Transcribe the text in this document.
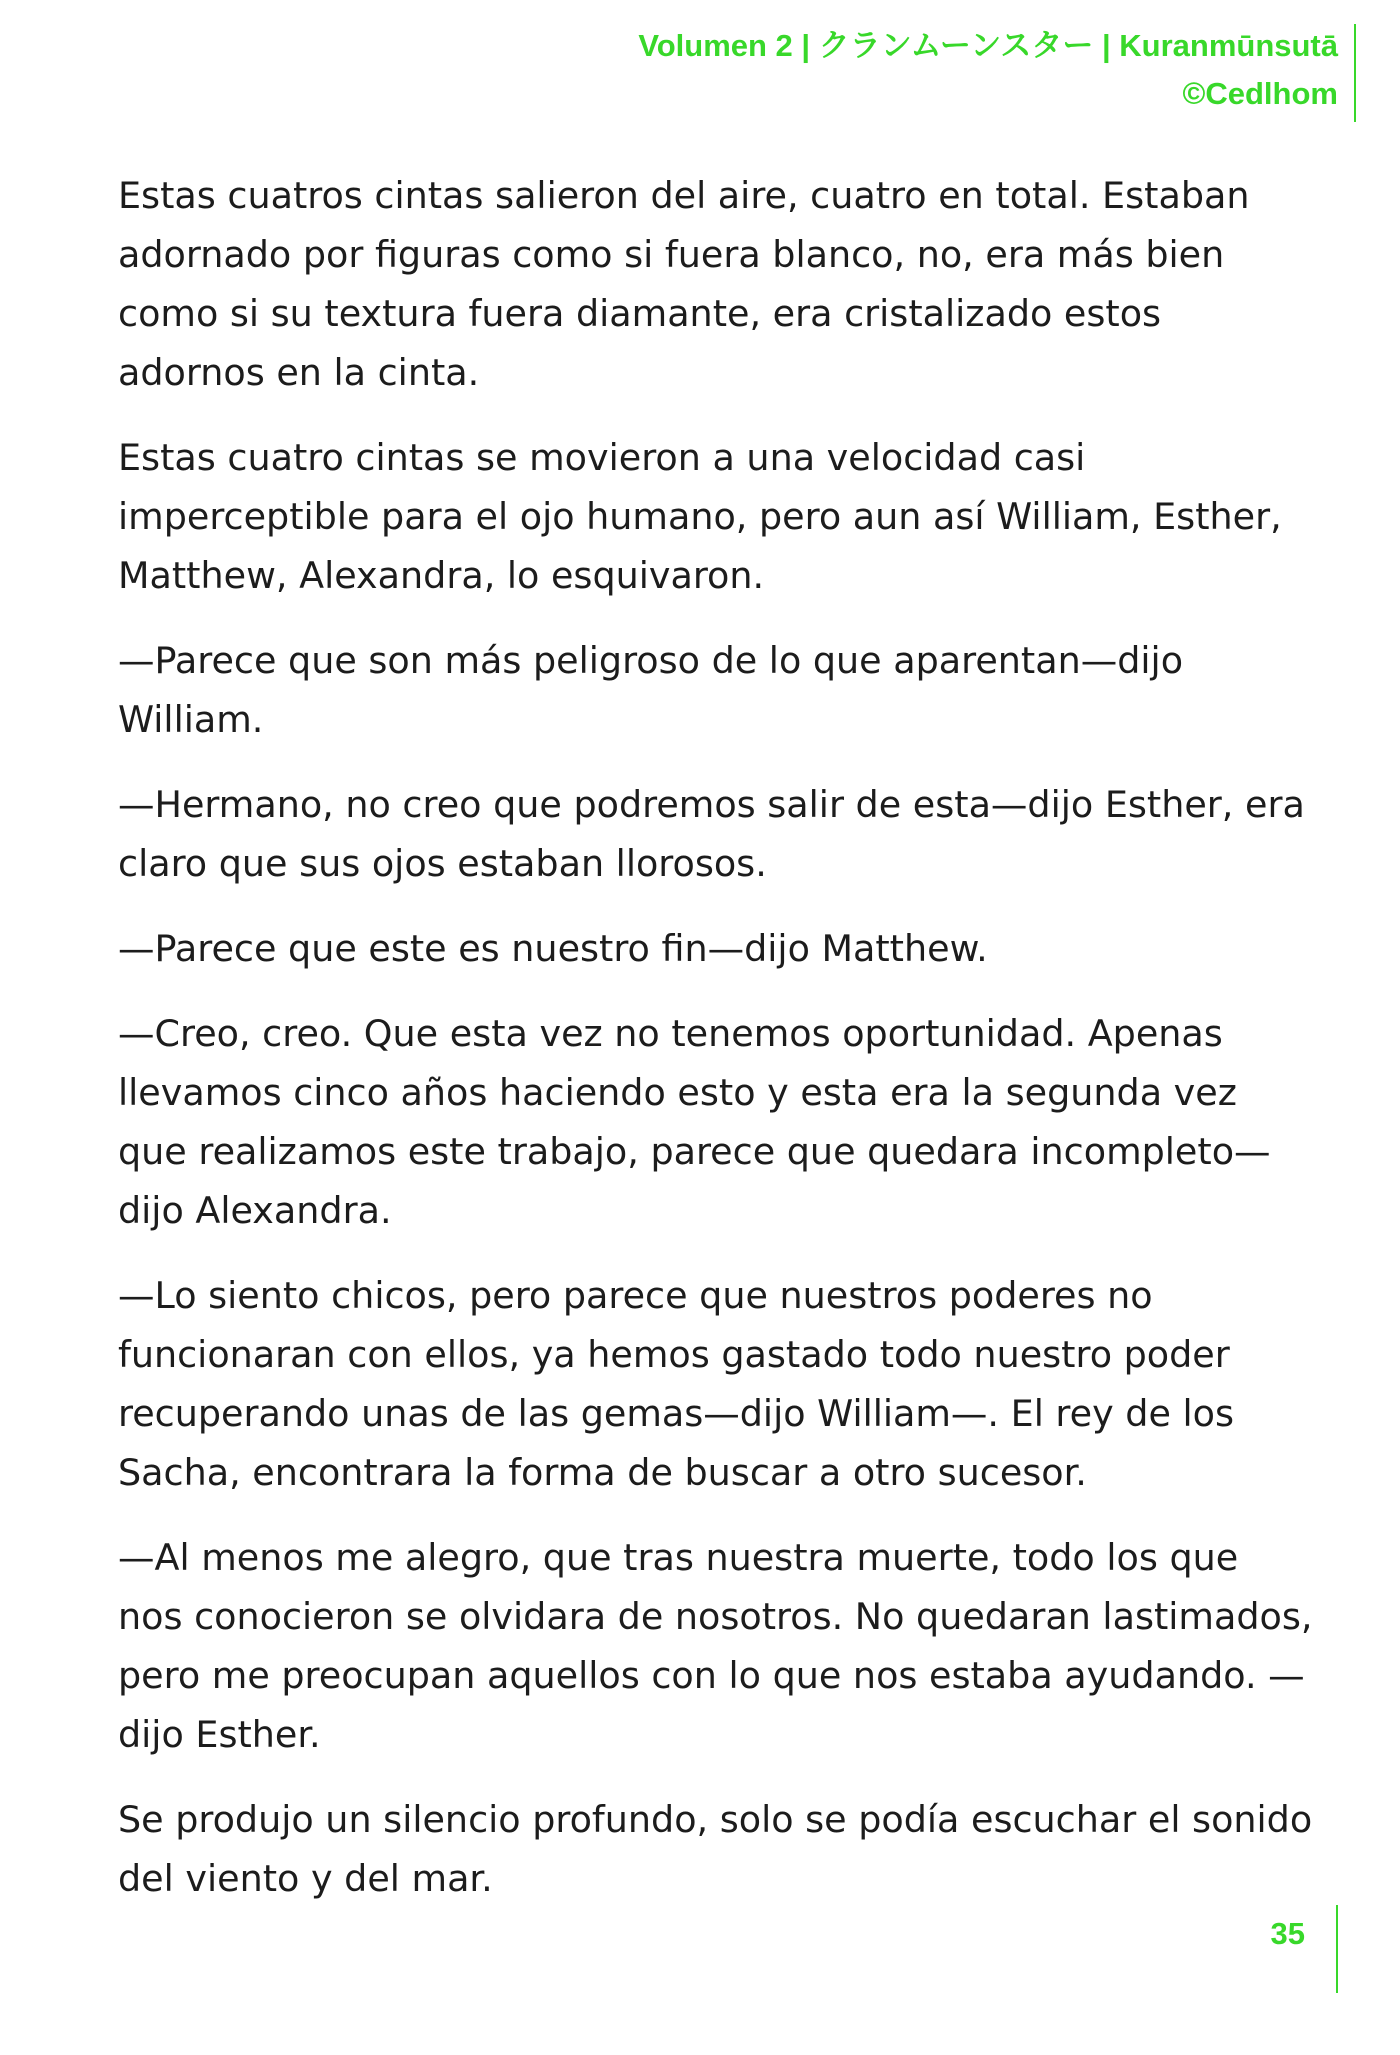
Volumen 2 | クランムーンスター | Kuranmūnsutā
©Cedlhom

Estas cuatros cintas salieron del aire, cuatro en total. Estaban adornado por figuras como si fuera blanco, no, era más bien como si su textura fuera diamante, era cristalizado estos adornos en la cinta.

Estas cuatro cintas se movieron a una velocidad casi imperceptible para el ojo humano, pero aun así William, Esther, Matthew, Alexandra, lo esquivaron.

—Parece que son más peligroso de lo que aparentan—dijo William.

—Hermano, no creo que podremos salir de esta—dijo Esther, era claro que sus ojos estaban llorosos.

—Parece que este es nuestro fin—dijo Matthew.

—Creo, creo. Que esta vez no tenemos oportunidad. Apenas llevamos cinco años haciendo esto y esta era la segunda vez que realizamos este trabajo, parece que quedara incompleto—dijo Alexandra.

—Lo siento chicos, pero parece que nuestros poderes no funcionaran con ellos, ya hemos gastado todo nuestro poder recuperando unas de las gemas—dijo William—. El rey de los Sacha, encontrara la forma de buscar a otro sucesor.

—Al menos me alegro, que tras nuestra muerte, todo los que nos conocieron se olvidara de nosotros. No quedaran lastimados, pero me preocupan aquellos con lo que nos estaba ayudando. —dijo Esther.

Se produjo un silencio profundo, solo se podía escuchar el sonido del viento y del mar.

35
